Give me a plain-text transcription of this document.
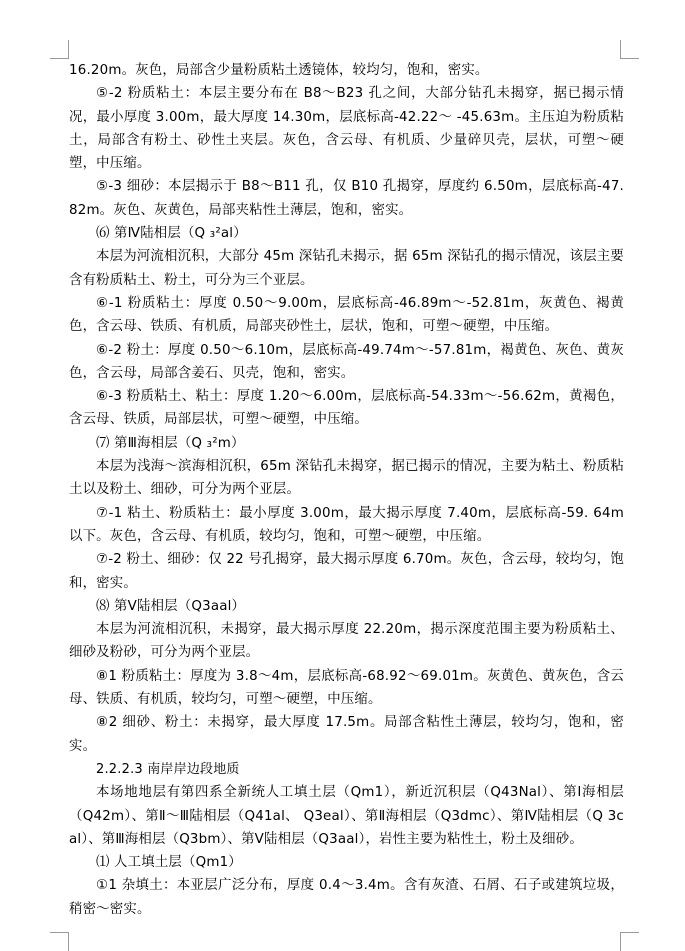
16.20m。灰色，局部含少量粉质粘土透镜体，较均匀，饱和，密实。

⑤-2 粉质粘土：本层主要分布在 B8～B23 孔之间，大部分钻孔未揭穿，据已揭示情况，最小厚度 3.00m，最大厚度 14.30m，层底标高-42.22～ -45.63m。主压迫为粉质粘土，局部含有粉土、砂性土夹层。灰色，含云母、有机质、少量碎贝壳，层状，可塑～硬塑，中压缩。

⑤-3 细砂：本层揭示于 B8～B11 孔，仅 B10 孔揭穿，厚度约 6.50m，层底标高-47.82m。灰色、灰黄色，局部夹粘性土薄层，饱和，密实。

⑹ 第Ⅳ陆相层（Q ₃²al）

本层为河流相沉积，大部分 45m 深钻孔未揭示，据 65m 深钻孔的揭示情况，该层主要含有粉质粘土、粉土，可分为三个亚层。

⑥-1 粉质粘土：厚度 0.50～9.00m，层底标高-46.89m～-52.81m，灰黄色、褐黄色，含云母、铁质、有机质，局部夹砂性土，层状，饱和，可塑～硬塑，中压缩。

⑥-2 粉土：厚度 0.50～6.10m，层底标高-49.74m～-57.81m，褐黄色、灰色、黄灰色，含云母，局部含姜石、贝壳，饱和，密实。

⑥-3 粉质粘土、粘土：厚度 1.20～6.00m，层底标高-54.33m～-56.62m，黄褐色，含云母、铁质，局部层状，可塑～硬塑，中压缩。

⑺ 第Ⅲ海相层（Q ₃²m）

本层为浅海～滨海相沉积，65m 深钻孔未揭穿，据已揭示的情况，主要为粘土、粉质粘土以及粉土、细砂，可分为两个亚层。

⑦-1 粘土、粉质粘土：最小厚度 3.00m，最大揭示厚度 7.40m，层底标高-59. 64m 以下。灰色，含云母、有机质，较均匀，饱和，可塑～硬塑，中压缩。

⑦-2 粉土、细砂：仅 22 号孔揭穿，最大揭示厚度 6.70m。灰色，含云母，较均匀，饱和，密实。

⑻ 第Ⅴ陆相层（Q3aal）

本层为河流相沉积，未揭穿，最大揭示厚度 22.20m，揭示深度范围主要为粉质粘土、细砂及粉砂，可分为两个亚层。

⑧1 粉质粘土：厚度为 3.8～4m，层底标高-68.92～69.01m。灰黄色、黄灰色，含云母、铁质、有机质，较均匀，可塑～硬塑，中压缩。

⑧2 细砂、粉土：未揭穿，最大厚度 17.5m。局部含粘性土薄层，较均匀，饱和，密实。

2.2.2.3 南岸岸边段地质

本场地地层有第四系全新统人工填土层（Qm1），新近沉积层（Q43Nal）、第Ⅰ海相层（Q42m）、第Ⅱ～Ⅲ陆相层（Q41al、 Q3eal）、第Ⅱ海相层（Q3dmc）、第Ⅳ陆相层（Q 3cal）、第Ⅲ海相层（Q3bm）、第Ⅴ陆相层（Q3aal），岩性主要为粘性土，粉土及细砂。

⑴ 人工填土层（Qm1）

①1 杂填土：本亚层广泛分布，厚度 0.4～3.4m。含有灰渣、石屑、石子或建筑垃圾，稍密～密实。
